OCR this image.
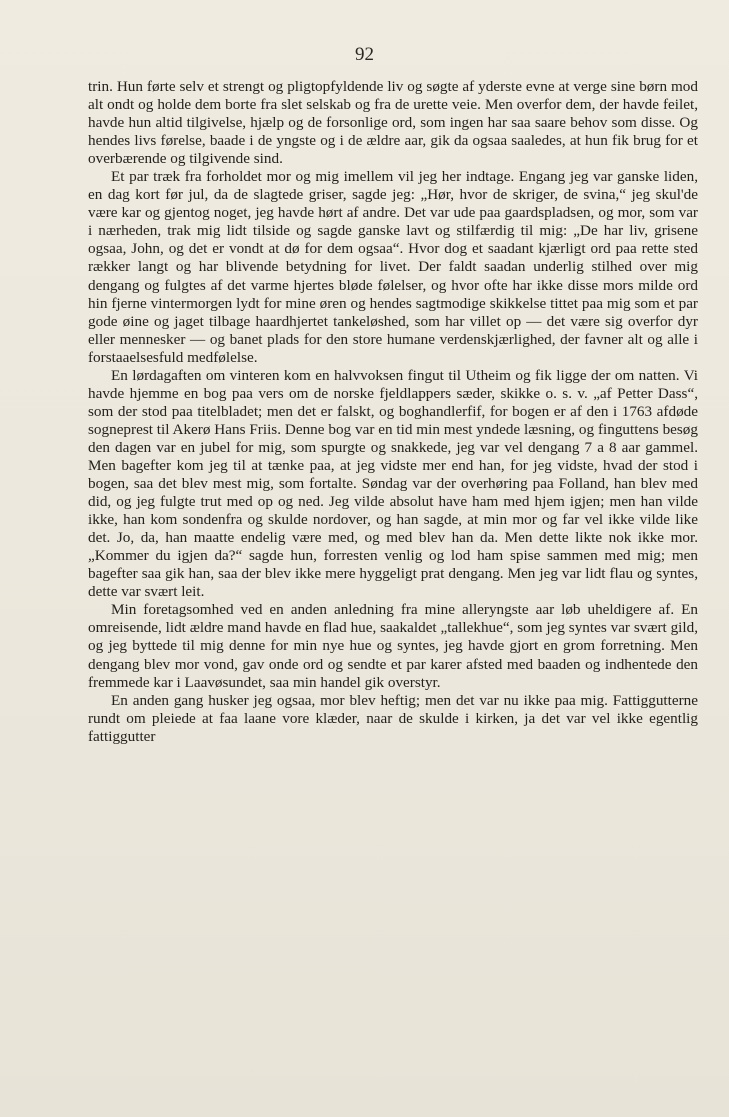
92

trin. Hun førte selv et strengt og pligtopfyldende liv og søgte af yderste evne at verge sine børn mod alt ondt og holde dem borte fra slet selskab og fra de urette veie. Men overfor dem, der havde feilet, havde hun altid tilgivelse, hjælp og de forsonlige ord, som ingen har saa saare behov som disse. Og hendes livs førelse, baade i de yngste og i de ældre aar, gik da ogsaa saaledes, at hun fik brug for et overbærende og tilgivende sind.

Et par træk fra forholdet mor og mig imellem vil jeg her indtage. Engang jeg var ganske liden, en dag kort før jul, da de slagtede griser, sagde jeg: „Hør, hvor de skriger, de svina,“ jeg skul'de være kar og gjentog noget, jeg havde hørt af andre. Det var ude paa gaardspladsen, og mor, som var i nærheden, trak mig lidt tilside og sagde ganske lavt og stilfærdig til mig: „De har liv, grisene ogsaa, John, og det er vondt at dø for dem ogsaa“. Hvor dog et saadant kjærligt ord paa rette sted rækker langt og har blivende betydning for livet. Der faldt saadan underlig stilhed over mig dengang og fulgtes af det varme hjertes bløde følelser, og hvor ofte har ikke disse mors milde ord hin fjerne vintermorgen lydt for mine øren og hendes sagtmodige skikkelse tittet paa mig som et par gode øine og jaget tilbage haardhjertet tankeløshed, som har villet op — det være sig overfor dyr eller mennesker — og banet plads for den store humane verdenskjærlighed, der favner alt og alle i forstaaelsesfuld medfølelse.

En lørdagaften om vinteren kom en halvvoksen fingut til Utheim og fik ligge der om natten. Vi havde hjemme en bog paa vers om de norske fjeldlappers sæder, skikke o. s. v. „af Petter Dass“, som der stod paa titelbladet; men det er falskt, og boghandlerfif, for bogen er af den i 1763 afdøde sogneprest til Akerø Hans Friis. Denne bog var en tid min mest yndede læsning, og finguttens besøg den dagen var en jubel for mig, som spurgte og snakkede, jeg var vel dengang 7 a 8 aar gammel. Men bagefter kom jeg til at tænke paa, at jeg vidste mer end han, for jeg vidste, hvad der stod i bogen, saa det blev mest mig, som fortalte. Søndag var der overhøring paa Folland, han blev med did, og jeg fulgte trut med op og ned. Jeg vilde absolut have ham med hjem igjen; men han vilde ikke, han kom sondenfra og skulde nordover, og han sagde, at min mor og far vel ikke vilde like det. Jo, da, han maatte endelig være med, og med blev han da. Men dette likte nok ikke mor. „Kommer du igjen da?“ sagde hun, forresten venlig og lod ham spise sammen med mig; men bagefter saa gik han, saa der blev ikke mere hyggeligt prat dengang. Men jeg var lidt flau og syntes, dette var svært leit.

Min foretagsomhed ved en anden anledning fra mine alleryngste aar løb uheldigere af. En omreisende, lidt ældre mand havde en flad hue, saakaldet „tallekhue“, som jeg syntes var svært gild, og jeg byttede til mig denne for min nye hue og syntes, jeg havde gjort en grom forretning. Men dengang blev mor vond, gav onde ord og sendte et par karer afsted med baaden og indhentede den fremmede kar i Laavøsundet, saa min handel gik overstyr.

En anden gang husker jeg ogsaa, mor blev heftig; men det var nu ikke paa mig. Fattiggutterne rundt om pleiede at faa laane vore klæder, naar de skulde i kirken, ja det var vel ikke egentlig fattiggutter
